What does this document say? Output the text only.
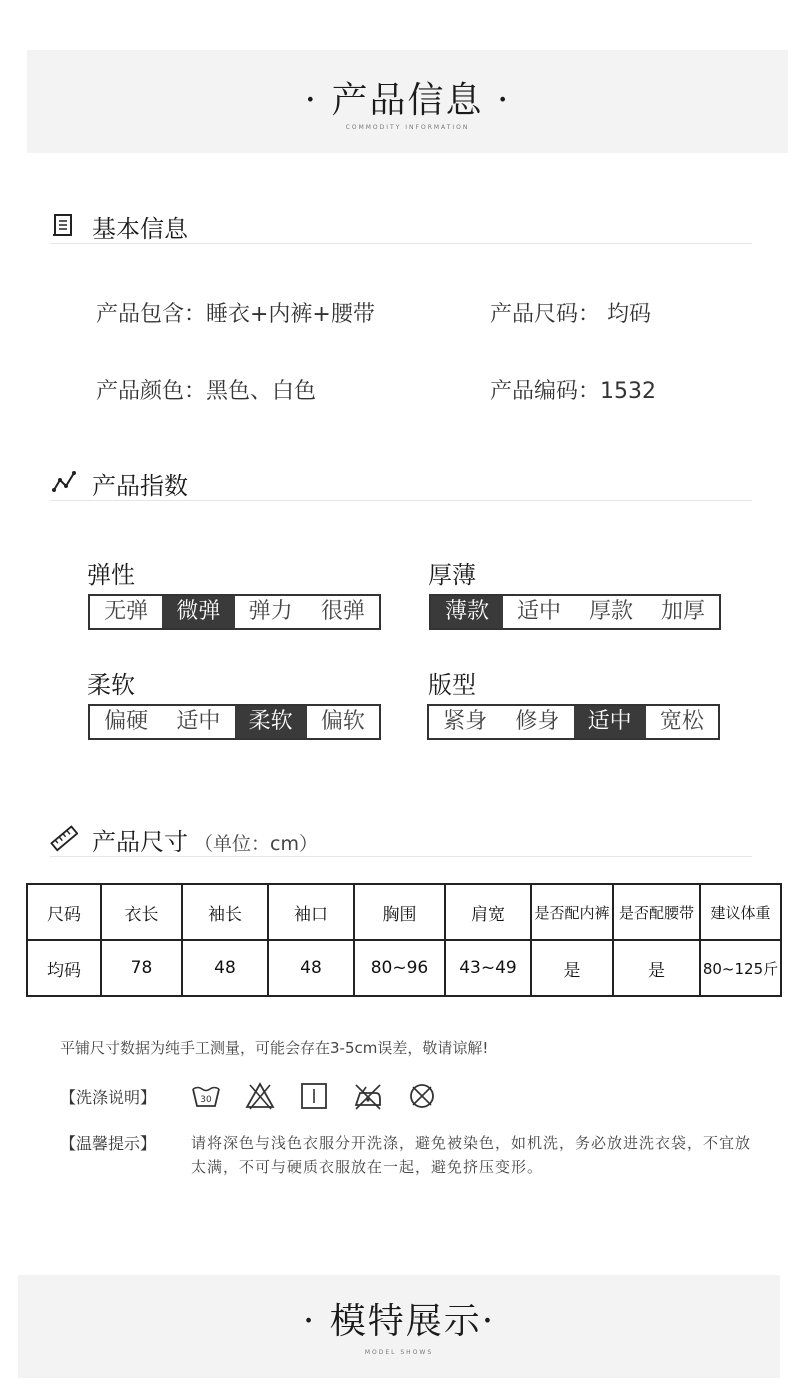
· 产品信息 ·
COMMODITY INFORMATION
基本信息
产品包含：睡衣+内裤+腰带	产品尺码： 均码
产品颜色：黑色、白色	产品编码：1532
产品指数
弹性
无弹	微弹	弹力	很弹
厚薄
薄款	适中	厚款	加厚
柔软
偏硬	适中	柔软	偏软
版型
紧身	修身	适中	宽松
产品尺寸 （单位：cm）
尺码	衣长	袖长	袖口	胸围	肩宽	是否配内裤	是否配腰带	建议体重
均码	78	48	48	80~96	43~49	是	是	80~125斤
平铺尺寸数据为纯手工测量，可能会存在3-5cm误差，敬请谅解!
【洗涤说明】	30
【温馨提示】 请将深色与浅色衣服分开洗涤，避免被染色，如机洗，务必放进洗衣袋，不宜放太满，不可与硬质衣服放在一起，避免挤压变形。
· 模特展示·
MODEL SHOWS
